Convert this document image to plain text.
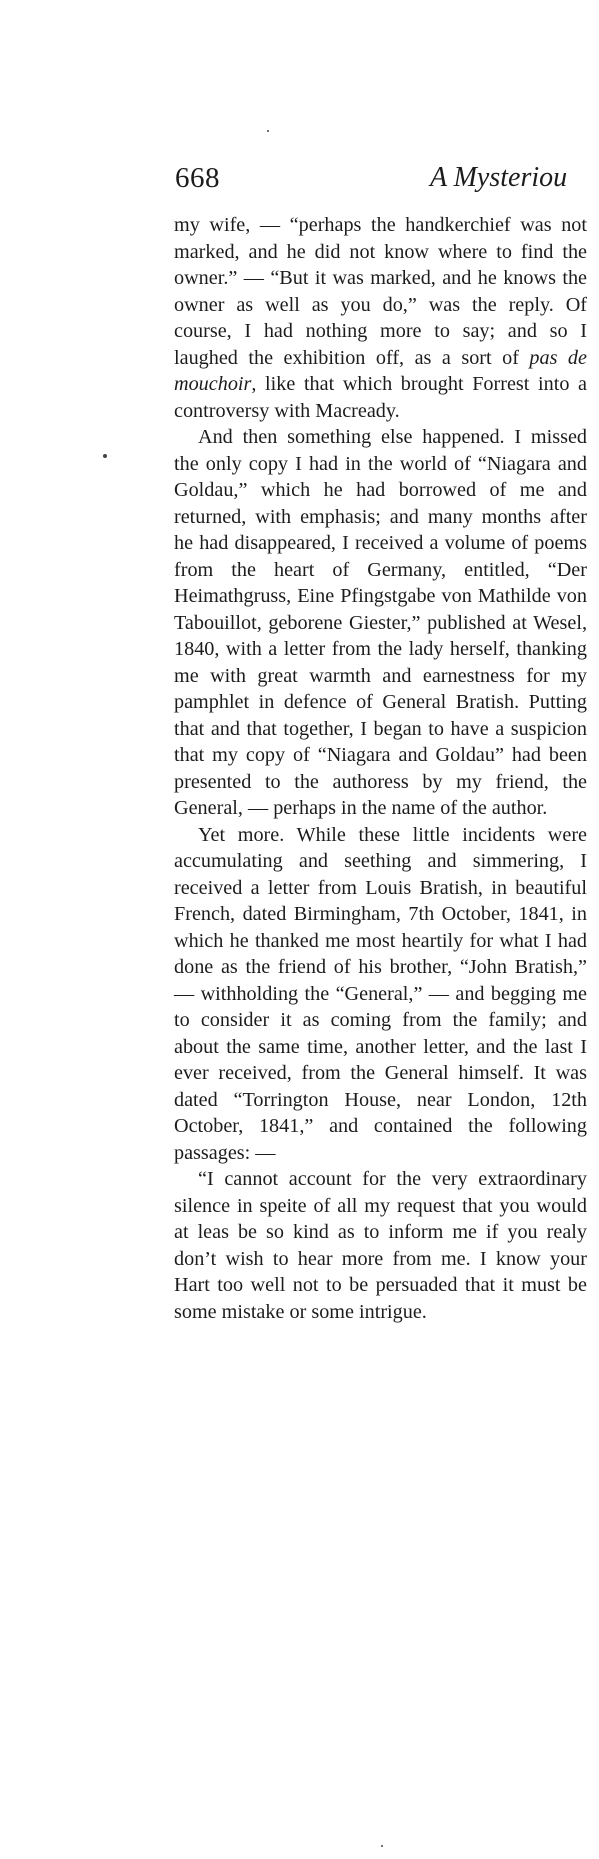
668	A Mysteriou

my wife, — “perhaps the handkerchief was not marked, and he did not know where to find the owner.” — “But it was marked, and he knows the owner as well as you do,” was the reply. Of course, I had nothing more to say; and so I laughed the exhibition off, as a sort of pas de mouchoir, like that which brought Forrest into a controversy with Macready.

And then something else happened. I missed the only copy I had in the world of “Niagara and Goldau,” which he had borrowed of me and returned, with emphasis; and many months after he had disappeared, I received a volume of poems from the heart of Germany, entitled, “Der Heimathgruss, Eine Pfingstgabe von Mathilde von Tabouillot, geborene Giester,” published at Wesel, 1840, with a letter from the lady herself, thanking me with great warmth and earnestness for my pamphlet in defence of General Bratish. Putting that and that together, I began to have a suspicion that my copy of “Niagara and Goldau” had been presented to the authoress by my friend, the General, — perhaps in the name of the author.

Yet more. While these little incidents were accumulating and seething and simmering, I received a letter from Louis Bratish, in beautiful French, dated Birmingham, 7th October, 1841, in which he thanked me most heartily for what I had done as the friend of his brother, “John Bratish,” — withholding the “General,” — and begging me to consider it as coming from the family; and about the same time, another letter, and the last I ever received, from the General himself. It was dated “Torrington House, near London, 12th October, 1841,” and contained the following passages: —

“I cannot account for the very extraordinary silence in speite of all my request that you would at leas be so kind as to inform me if you realy don’t wish to hear more from me. I know your Hart too well not to be persuaded that it must be some mistake or some intrigue.
